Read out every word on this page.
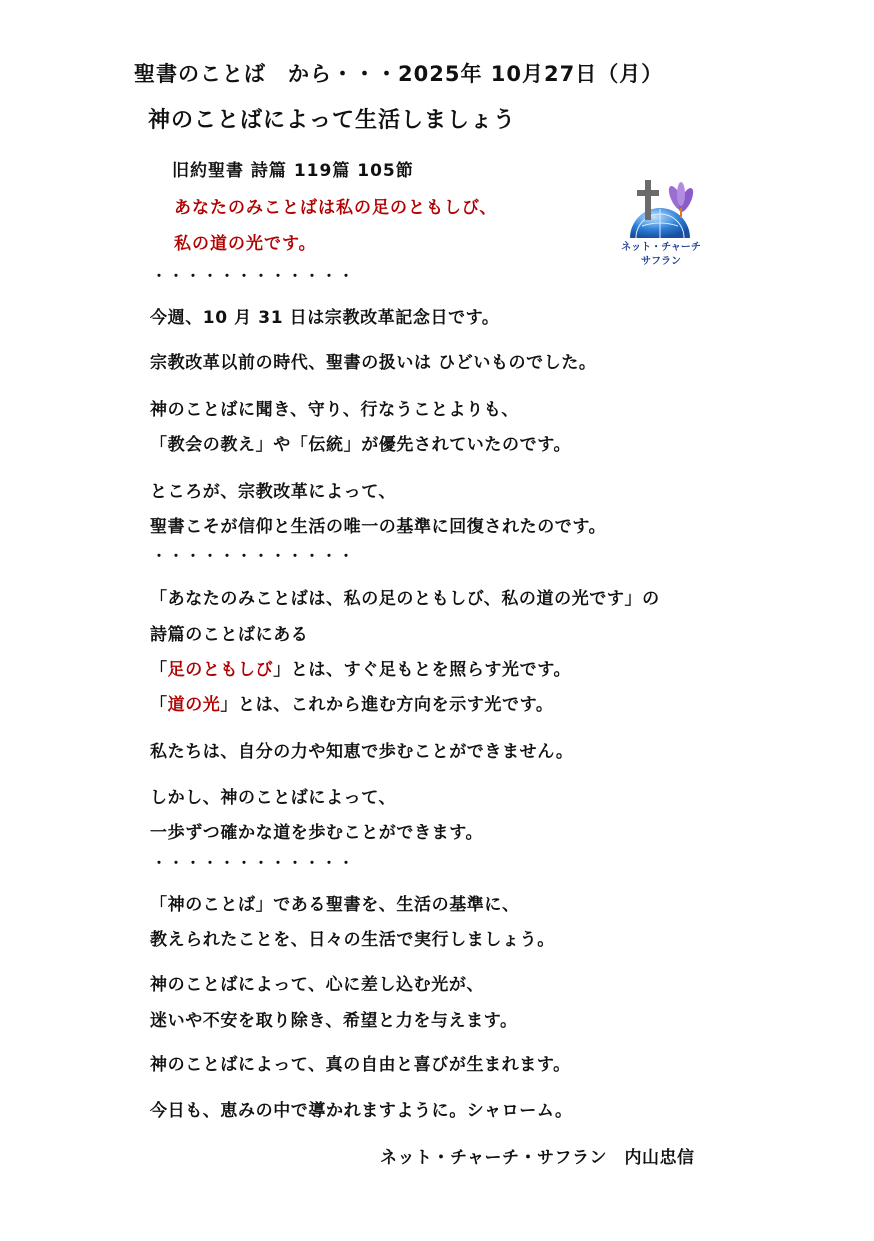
聖書のことば　から・・・2025年 10月27日（月）
神のことばによって生活しましょう
旧約聖書 詩篇 119篇 105節
あなたのみことばは私の足のともしび、
私の道の光です。	ネット・チャーチ
サフラン
・・・・・・・・・・・・
今週、10 月 31 日は宗教改革記念日です。
宗教改革以前の時代、聖書の扱いは ひどいものでした。
神のことばに聞き、守り、行なうことよりも、
「教会の教え」や「伝統」が優先されていたのです。
ところが、宗教改革によって、
聖書こそが信仰と生活の唯一の基準に回復されたのです。
・・・・・・・・・・・・
「あなたのみことばは、私の足のともしび、私の道の光です」の
詩篇のことばにある
「足のともしび」とは、すぐ足もとを照らす光です。
「道の光」とは、これから進む方向を示す光です。
私たちは、自分の力や知恵で歩むことができません。
しかし、神のことばによって、
一歩ずつ確かな道を歩むことができます。
・・・・・・・・・・・・
「神のことば」である聖書を、生活の基準に、
教えられたことを、日々の生活で実行しましょう。
神のことばによって、心に差し込む光が、
迷いや不安を取り除き、希望と力を与えます。
神のことばによって、真の自由と喜びが生まれます。
今日も、恵みの中で導かれますように。シャローム。
ネット・チャーチ・サフラン　内山忠信
